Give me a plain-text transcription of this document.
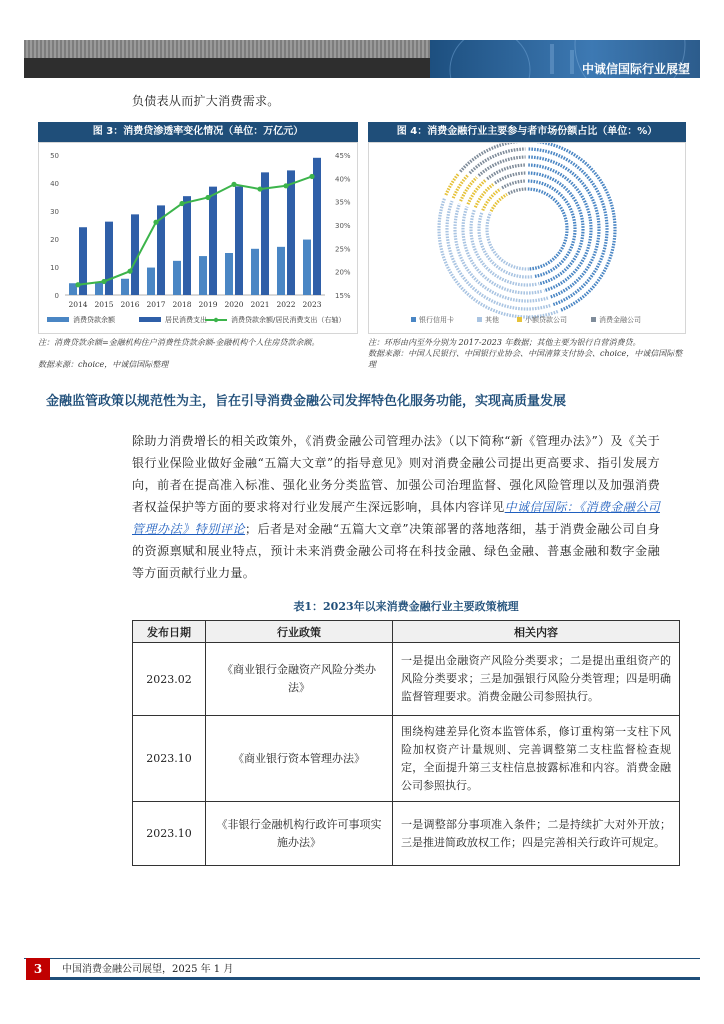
中诚信国际行业展望
负债表从而扩大消费需求。
图 3：消费贷渗透率变化情况（单位：万亿元）
0
10
20
30
40
50
15%
20%
25%
30%
35%
40%
45%
2014 2015 2016 2017 2018 2019 2020 2021 2022 2023
消费贷款余额	居民消费支出	消费贷款余额/居民消费支出（右轴）
注：消费贷款余额=金融机构住户消费性贷款余额-金融机构个人住房贷款余额。
数据来源：choice，中诚信国际整理
图 4：消费金融行业主要参与者市场份额占比（单位：%）
银行信用卡	其他	小额贷款公司	消费金融公司
注：环形由内至外分别为 2017-2023 年数据；其他主要为银行自营消费贷。
数据来源：中国人民银行、中国银行业协会、中国清算支付协会、choice，中诚信国际整理
金融监管政策以规范性为主，旨在引导消费金融公司发挥特色化服务功能，实现高质量发展
除助力消费增长的相关政策外，《消费金融公司管理办法》（以下简称“新《管理办法》”）及《关于银行业保险业做好金融“五篇大文章”的指导意见》则对消费金融公司提出更高要求、指引发展方向，前者在提高准入标准、强化业务分类监管、加强公司治理监督、强化风险管理以及加强消费者权益保护等方面的要求将对行业发展产生深远影响，具体内容详见中诚信国际：《消费金融公司管理办法》特别评论；后者是对金融“五篇大文章”决策部署的落地落细，基于消费金融公司自身的资源禀赋和展业特点，预计未来消费金融公司将在科技金融、绿色金融、普惠金融和数字金融等方面贡献行业力量。
表1：2023年以来消费金融行业主要政策梳理
发布日期	行业政策	相关内容
2023.02	《商业银行金融资产风险分类办法》	一是提出金融资产风险分类要求；二是提出重组资产的风险分类要求；三是加强银行风险分类管理；四是明确监督管理要求。消费金融公司参照执行。
2023.10	《商业银行资本管理办法》	围绕构建差异化资本监管体系，修订重构第一支柱下风险加权资产计量规则、完善调整第二支柱监督检查规定，全面提升第三支柱信息披露标准和内容。消费金融公司参照执行。
2023.10	《非银行金融机构行政许可事项实施办法》	一是调整部分事项准入条件；二是持续扩大对外开放；三是推进简政放权工作；四是完善相关行政许可规定。
3	中国消费金融公司展望，2025 年 1 月
